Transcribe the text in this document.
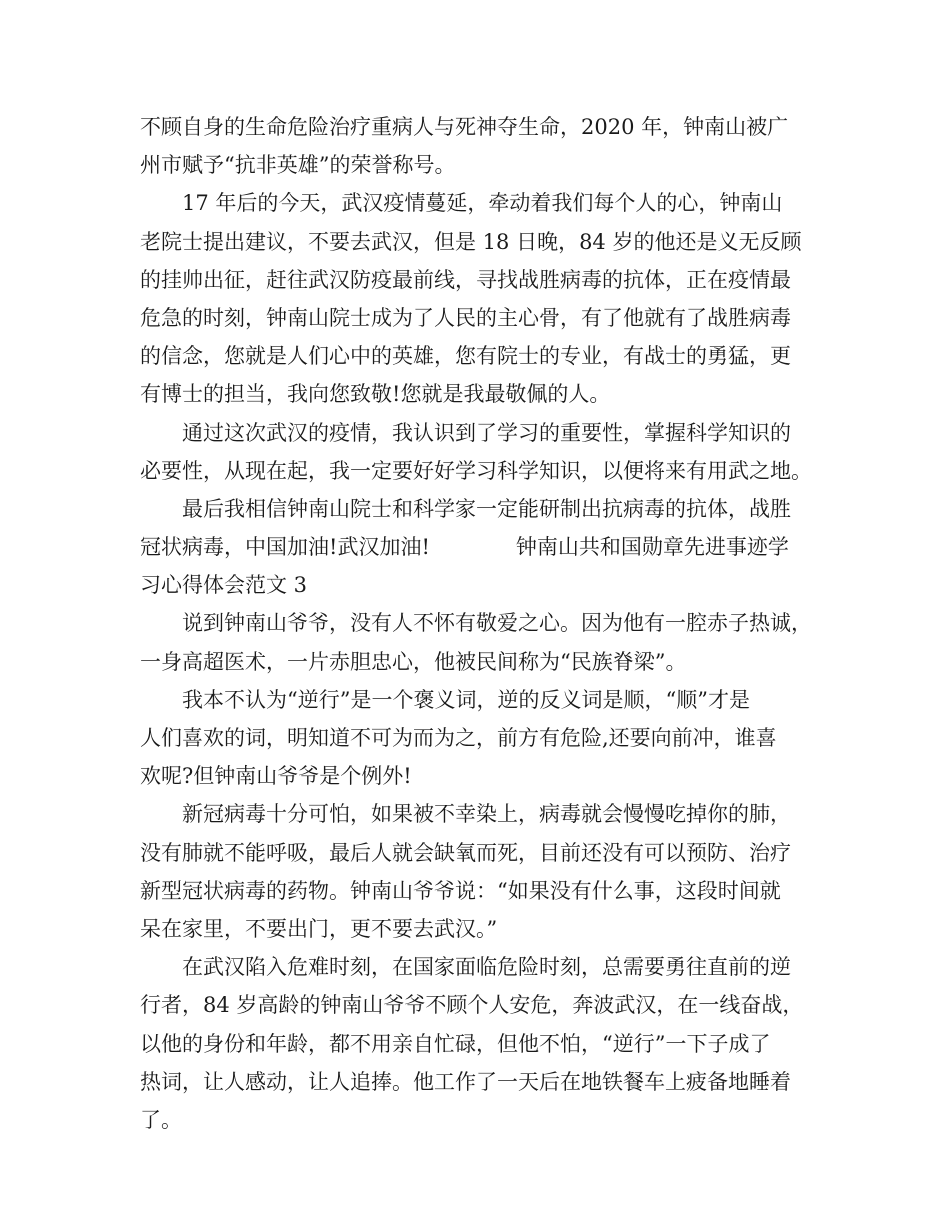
不顾自身的生命危险治疗重病人与死神夺生命，2020 年，钟南山被广
州市赋予“抗非英雄”的荣誉称号。
17 年后的今天，武汉疫情蔓延，牵动着我们每个人的心，钟南山
老院士提出建议，不要去武汉，但是 18 日晚，84 岁的他还是义无反顾
的挂帅出征，赶往武汉防疫最前线，寻找战胜病毒的抗体，正在疫情最
危急的时刻，钟南山院士成为了人民的主心骨，有了他就有了战胜病毒
的信念，您就是人们心中的英雄，您有院士的专业，有战士的勇猛，更
有博士的担当，我向您致敬!您就是我最敬佩的人。
通过这次武汉的疫情，我认识到了学习的重要性，掌握科学知识的
必要性，从现在起，我一定要好好学习科学知识，以便将来有用武之地。
最后我相信钟南山院士和科学家一定能研制出抗病毒的抗体，战胜
冠状病毒，中国加油!武汉加油!	钟南山共和国勋章先进事迹学
习心得体会范文 3
说到钟南山爷爷，没有人不怀有敬爱之心。因为他有一腔赤子热诚，
一身高超医术，一片赤胆忠心，他被民间称为“民族脊梁”。
我本不认为“逆行”是一个褒义词，逆的反义词是顺，“顺”才是
人们喜欢的词，明知道不可为而为之，前方有危险,还要向前冲，谁喜
欢呢?但钟南山爷爷是个例外!
新冠病毒十分可怕，如果被不幸染上，病毒就会慢慢吃掉你的肺，
没有肺就不能呼吸，最后人就会缺氧而死，目前还没有可以预防、治疗
新型冠状病毒的药物。钟南山爷爷说：“如果没有什么事，这段时间就
呆在家里，不要出门，更不要去武汉。”
在武汉陷入危难时刻，在国家面临危险时刻，总需要勇往直前的逆
行者，84 岁高龄的钟南山爷爷不顾个人安危，奔波武汉，在一线奋战，
以他的身份和年龄，都不用亲自忙碌，但他不怕，“逆行”一下子成了
热词，让人感动，让人追捧。他工作了一天后在地铁餐车上疲备地睡着
了。
